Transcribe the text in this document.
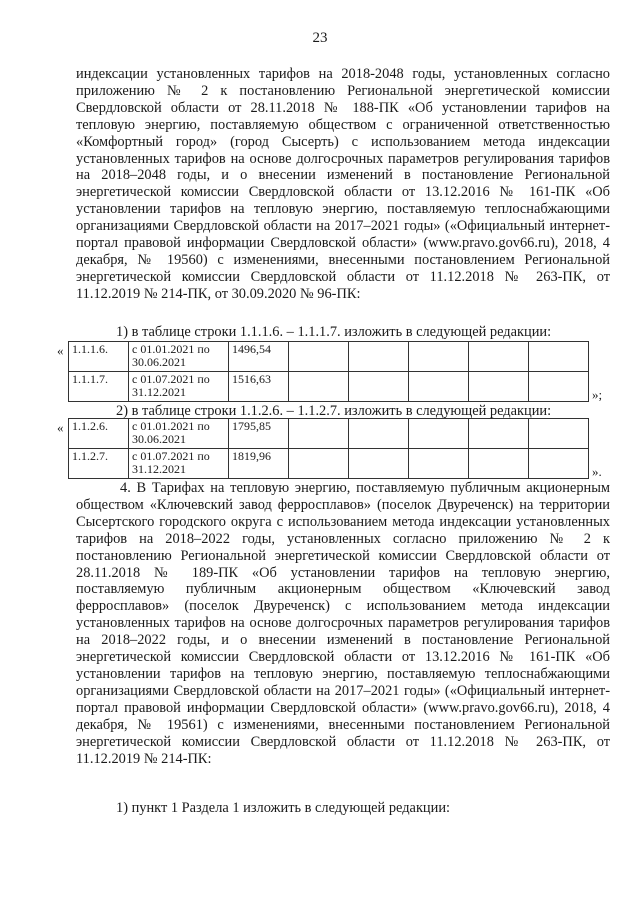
23

индексации установленных тарифов на 2018-2048 годы, установленных согласно приложению № 2 к постановлению Региональной энергетической комиссии Свердловской области от 28.11.2018 № 188-ПК «Об установлении тарифов на тепловую энергию, поставляемую обществом с ограниченной ответственностью «Комфортный город» (город Сысерть) с использованием метода индексации установленных тарифов на основе долгосрочных параметров регулирования тарифов на 2018–2048 годы, и о внесении изменений в постановление Региональной энергетической комиссии Свердловской области от 13.12.2016 № 161-ПК «Об установлении тарифов на тепловую энергию, поставляемую теплоснабжающими организациями Свердловской области на 2017–2021 годы» («Официальный интернет-портал правовой информации Свердловской области» (www.pravo.gov66.ru), 2018, 4 декабря, № 19560) с изменениями, внесенными постановлением Региональной энергетической комиссии Свердловской области от 11.12.2018 № 263-ПК, от 11.12.2019 № 214-ПК, от 30.09.2020 № 96-ПК:

1) в таблице строки 1.1.1.6. – 1.1.1.7. изложить в следующей редакции:
« 1.1.1.6.	с 01.01.2021 по 30.06.2021	1496,54					
1.1.1.7.	с 01.07.2021 по 31.12.2021	1516,63					
»;
2) в таблице строки 1.1.2.6. – 1.1.2.7. изложить в следующей редакции:
« 1.1.2.6.	с 01.01.2021 по 30.06.2021	1795,85					
1.1.2.7.	с 01.07.2021 по 31.12.2021	1819,96					
».

4. В Тарифах на тепловую энергию, поставляемую публичным акционерным обществом «Ключевский завод ферросплавов» (поселок Двуреченск) на территории Сысертского городского округа с использованием метода индексации установленных тарифов на 2018–2022 годы, установленных согласно приложению № 2 к постановлению Региональной энергетической комиссии Свердловской области от 28.11.2018 № 189-ПК «Об установлении тарифов на тепловую энергию, поставляемую публичным акционерным обществом «Ключевский завод ферросплавов» (поселок Двуреченск) с использованием метода индексации установленных тарифов на основе долгосрочных параметров регулирования тарифов на 2018–2022 годы, и о внесении изменений в постановление Региональной энергетической комиссии Свердловской области от 13.12.2016 № 161-ПК «Об установлении тарифов на тепловую энергию, поставляемую теплоснабжающими организациями Свердловской области на 2017–2021 годы» («Официальный интернет-портал правовой информации Свердловской области» (www.pravo.gov66.ru), 2018, 4 декабря, № 19561) с изменениями, внесенными постановлением Региональной энергетической комиссии Свердловской области от 11.12.2018 № 263-ПК, от 11.12.2019 № 214-ПК:

1) пункт 1 Раздела 1 изложить в следующей редакции:
